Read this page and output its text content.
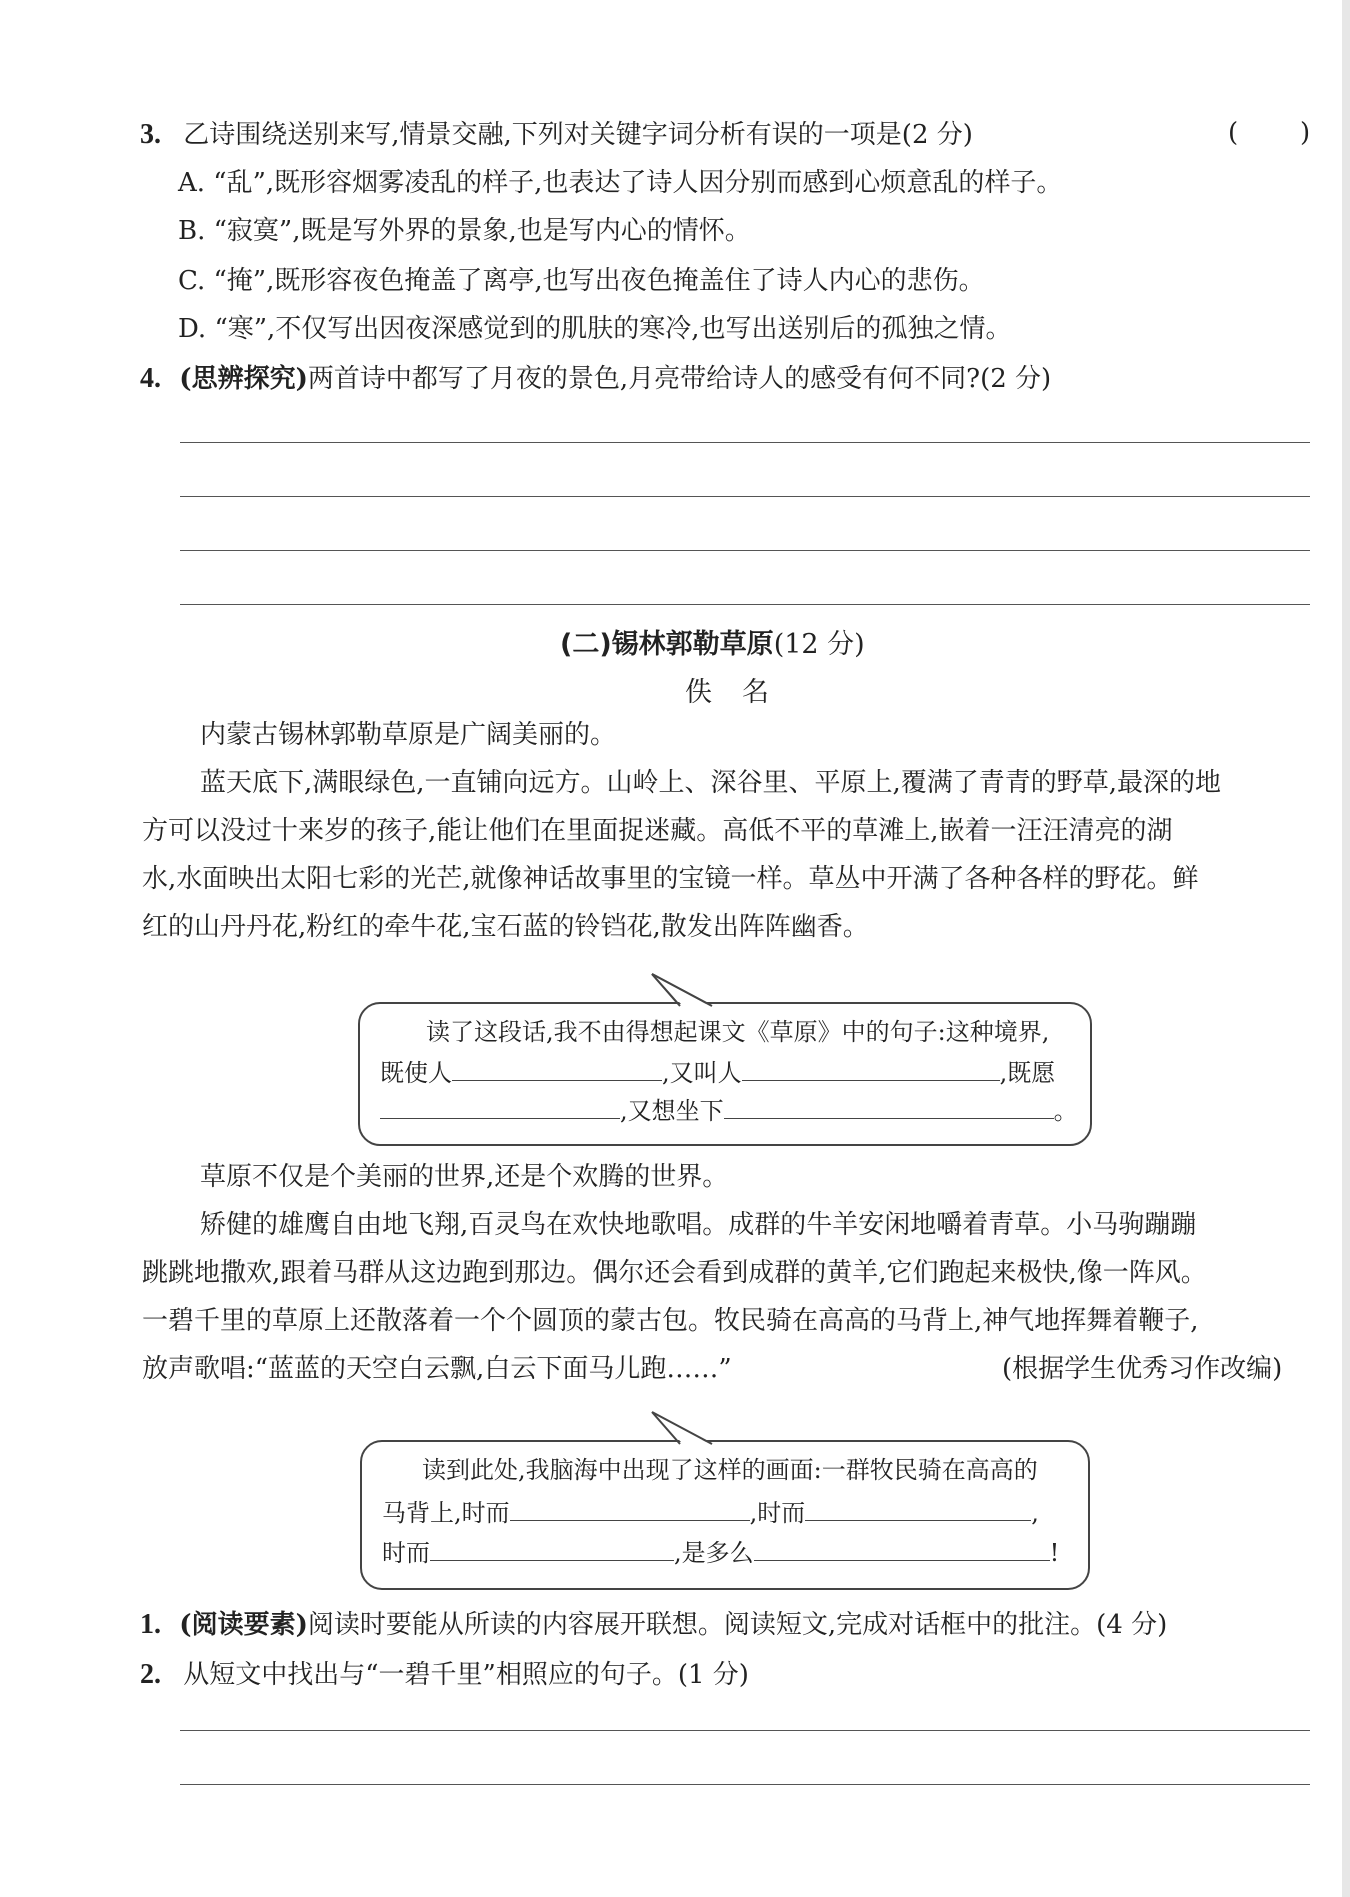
3. 乙诗围绕送别来写,情景交融,下列对关键字词分析有误的一项是(2 分)	( )
A. “乱”,既形容烟雾凌乱的样子,也表达了诗人因分别而感到心烦意乱的样子。
B. “寂寞”,既是写外界的景象,也是写内心的情怀。
C. “掩”,既形容夜色掩盖了离亭,也写出夜色掩盖住了诗人内心的悲伤。
D. “寒”,不仅写出因夜深感觉到的肌肤的寒冷,也写出送别后的孤独之情。
4. (思辨探究)两首诗中都写了月夜的景色,月亮带给诗人的感受有何不同?(2 分)
(二)锡林郭勒草原(12 分)
佚名
内蒙古锡林郭勒草原是广阔美丽的。
蓝天底下,满眼绿色,一直铺向远方。山岭上、深谷里、平原上,覆满了青青的野草,最深的地
方可以没过十来岁的孩子,能让他们在里面捉迷藏。高低不平的草滩上,嵌着一汪汪清亮的湖
水,水面映出太阳七彩的光芒,就像神话故事里的宝镜一样。草丛中开满了各种各样的野花。鲜
红的山丹丹花,粉红的牵牛花,宝石蓝的铃铛花,散发出阵阵幽香。
读了这段话,我不由得想起课文《草原》中的句子:这种境界,
既使人	,又叫人	,既愿
,又想坐下	。
草原不仅是个美丽的世界,还是个欢腾的世界。
矫健的雄鹰自由地飞翔,百灵鸟在欢快地歌唱。成群的牛羊安闲地嚼着青草。小马驹蹦蹦
跳跳地撒欢,跟着马群从这边跑到那边。偶尔还会看到成群的黄羊,它们跑起来极快,像一阵风。
一碧千里的草原上还散落着一个个圆顶的蒙古包。牧民骑在高高的马背上,神气地挥舞着鞭子,
放声歌唱:“蓝蓝的天空白云飘,白云下面马儿跑……”	(根据学生优秀习作改编)
读到此处,我脑海中出现了这样的画面:一群牧民骑在高高的
马背上,时而	,时而	,
时而	,是多么	!
1. (阅读要素)阅读时要能从所读的内容展开联想。阅读短文,完成对话框中的批注。(4 分)
2. 从短文中找出与“一碧千里”相照应的句子。(1 分)
